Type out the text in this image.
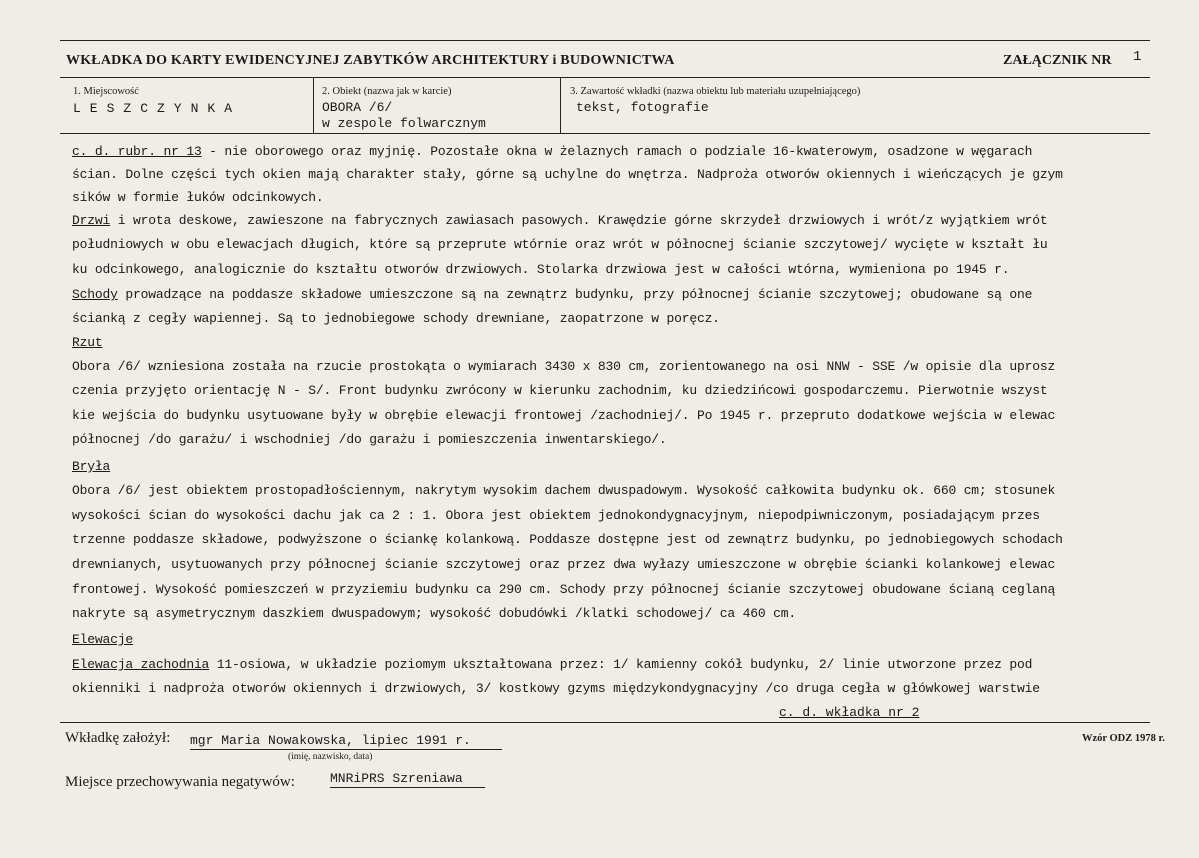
WKŁADKA DO KARTY EWIDENCYJNEJ ZABYTKÓW ARCHITEKTURY i BUDOWNICTWA	ZAŁĄCZNIK NR 1
1. Miejscowość
LESZCZYNKA
2. Obiekt (nazwa jak w karcie)
OBORA /6/
w zespole folwarcznym
3. Zawartość wkładki (nazwa obiektu lub materiału uzupełniającego)
tekst, fotografie
c. d. rubr. nr 13 - nie oborowego oraz myjnię. Pozostałe okna w żelaznych ramach o podziale 16-kwaterowym, osadzone w węgarach
ścian. Dolne części tych okien mają charakter stały, górne są uchylne do wnętrza. Nadproża otworów okiennych i wieńczących je gzym
sików w formie łuków odcinkowych.
Drzwi i wrota deskowe, zawieszone na fabrycznych zawiasach pasowych. Krawędzie górne skrzydeł drzwiowych i wrót/z wyjątkiem wrót
południowych w obu elewacjach długich, które są przeprute wtórnie oraz wrót w północnej ścianie szczytowej/ wycięte w kształt łu
ku odcinkowego, analogicznie do kształtu otworów drzwiowych. Stolarka drzwiowa jest w całości wtórna, wymieniona po 1945 r.
Schody prowadzące na poddasze składowe umieszczone są na zewnątrz budynku, przy północnej ścianie szczytowej; obudowane są one
ścianką z cegły wapiennej. Są to jednobiegowe schody drewniane, zaopatrzone w poręcz.
Rzut
Obora /6/ wzniesiona została na rzucie prostokąta o wymiarach 3430 x 830 cm, zorientowanego na osi NNW - SSE /w opisie dla uprosz
czenia przyjęto orientację N - S/. Front budynku zwrócony w kierunku zachodnim, ku dziedzińcowi gospodarczemu. Pierwotnie wszyst
kie wejścia do budynku usytuowane były w obrębie elewacji frontowej /zachodniej/. Po 1945 r. przepruto dodatkowe wejścia w elewac
północnej /do garażu/ i wschodniej /do garażu i pomieszczenia inwentarskiego/.
Bryła
Obora /6/ jest obiektem prostopadłościennym, nakrytym wysokim dachem dwuspadowym. Wysokość całkowita budynku ok. 660 cm; stosunek
wysokości ścian do wysokości dachu jak ca 2 : 1. Obora jest obiektem jednokondygnacyjnym, niepodpiwniczonym, posiadającym przes
trzenne poddasze składowe, podwyższone o ściankę kolankową. Poddasze dostępne jest od zewnątrz budynku, po jednobiegowych schodach
drewnianych, usytuowanych przy północnej ścianie szczytowej oraz przez dwa wyłazy umieszczone w obrębie ścianki kolankowej elewac
frontowej. Wysokość pomieszczeń w przyziemiu budynku ca 290 cm. Schody przy północnej ścianie szczytowej obudowane ścianą ceglaną
nakryte są asymetrycznym daszkiem dwuspadowym; wysokość dobudówki /klatki schodowej/ ca 460 cm.
Elewacje
Elewacja zachodnia 11-osiowa, w układzie poziomym ukształtowana przez: 1/ kamienny cokół budynku, 2/ linie utworzone przez pod
okienniki i nadproża otworów okiennych i drzwiowych, 3/ kostkowy gzyms międzykondygnacyjny /co druga cegła w główkowej warstwie
c. d. wkładka nr 2
Wkładkę założył: mgr Maria Nowakowska, lipiec 1991 r.
(imię, nazwisko, data)
Wzór ODZ 1978 r.
Miejsce przechowywania negatywów:	MNRiPRS Szreniawa
